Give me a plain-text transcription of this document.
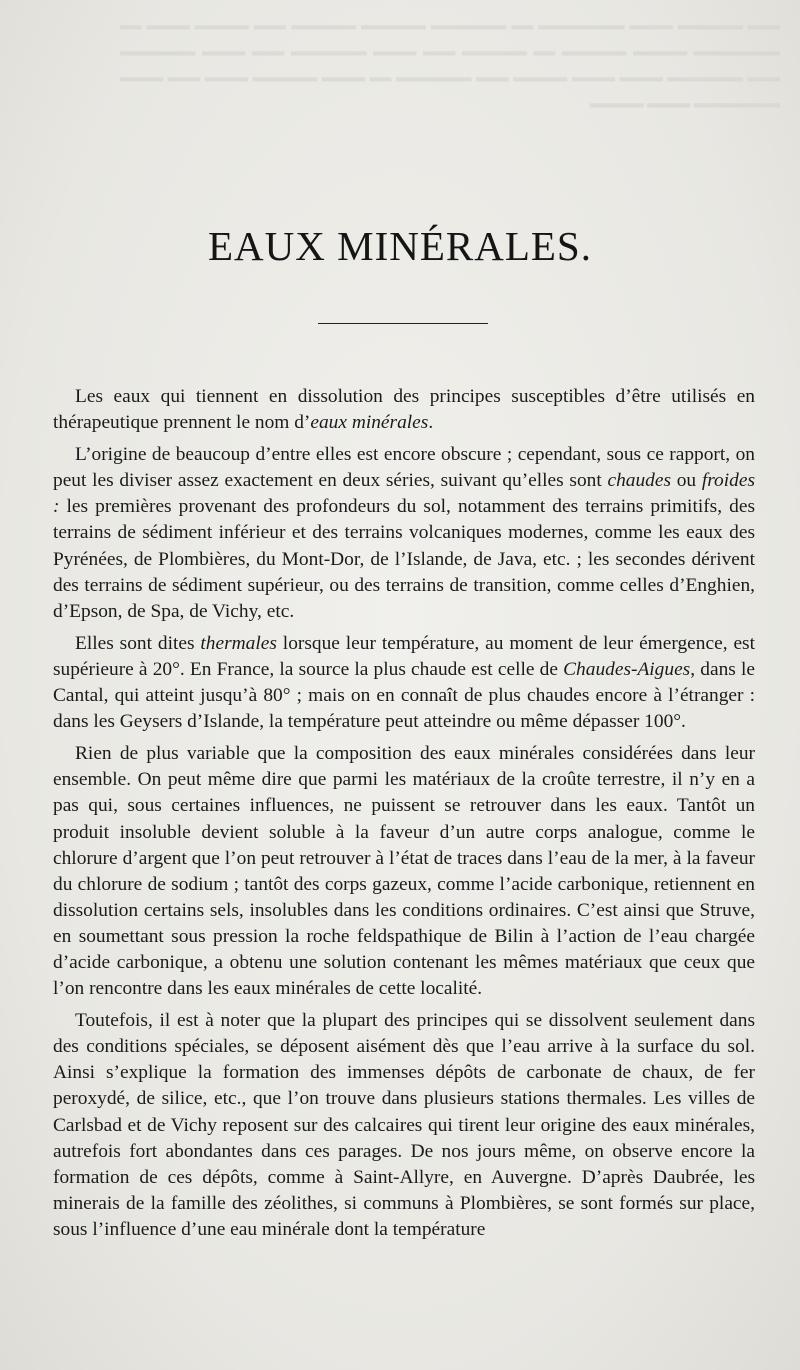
▂▂▂ ▂▂▂▂▂▂ ▂▂▂▂ ▂▂▂▂▂▂▂▂ ▂▂ ▂▂▂▂▂▂▂ ▂▂▂▂▂▂ ▂▂▂▂▂▂ ▂▂▂ ▂▂▂▂▂ ▂▂▂▂ ▂▂ ▂▂▂▂▂▂▂▂ ▂▂▂▂▂ ▂▂▂▂▂▂ ▂▂ ▂▂▂▂▂▂ ▂▂▂ ▂▂▂▂ ▂▂▂▂▂▂▂ ▂▂▂ ▂▂▂▂ ▂▂▂▂▂▂▂ ▂▂▂ ▂▂▂▂▂▂▂ ▂▂▂▂ ▂▂▂▂ ▂▂▂▂▂ ▂▂▂ ▂▂▂▂▂▂▂ ▂▂ ▂▂▂▂ ▂▂▂▂▂▂ ▂▂▂▂ ▂▂▂ ▂▂▂▂ ▂▂▂▂▂▂▂▂ ▂▂▂▂ ▂▂▂▂▂
EAUX MINÉRALES.

Les eaux qui tiennent en dissolution des principes susceptibles d’être utilisés en thérapeutique prennent le nom d’eaux minérales.

L’origine de beaucoup d’entre elles est encore obscure ; cependant, sous ce rapport, on peut les diviser assez exactement en deux séries, suivant qu’elles sont chaudes ou froides : les premières provenant des profondeurs du sol, notamment des terrains primitifs, des terrains de sédiment inférieur et des terrains volcaniques modernes, comme les eaux des Pyrénées, de Plombières, du Mont-Dor, de l’Islande, de Java, etc. ; les secondes dérivent des terrains de sédiment supérieur, ou des terrains de transition, comme celles d’Enghien, d’Epson, de Spa, de Vichy, etc.

Elles sont dites thermales lorsque leur température, au moment de leur émergence, est supérieure à 20°. En France, la source la plus chaude est celle de Chaudes-Aigues, dans le Cantal, qui atteint jusqu’à 80° ; mais on en connaît de plus chaudes encore à l’étranger : dans les Geysers d’Islande, la température peut atteindre ou même dépasser 100°.

Rien de plus variable que la composition des eaux minérales considérées dans leur ensemble. On peut même dire que parmi les matériaux de la croûte terrestre, il n’y en a pas qui, sous certaines influences, ne puissent se retrouver dans les eaux. Tantôt un produit insoluble devient soluble à la faveur d’un autre corps analogue, comme le chlorure d’argent que l’on peut retrouver à l’état de traces dans l’eau de la mer, à la faveur du chlorure de sodium ; tantôt des corps gazeux, comme l’acide carbonique, retiennent en dissolution certains sels, insolubles dans les conditions ordinaires. C’est ainsi que Struve, en soumettant sous pression la roche feldspathique de Bilin à l’action de l’eau chargée d’acide carbonique, a obtenu une solution contenant les mêmes matériaux que ceux que l’on rencontre dans les eaux minérales de cette localité.

Toutefois, il est à noter que la plupart des principes qui se dissolvent seulement dans des conditions spéciales, se déposent aisément dès que l’eau arrive à la surface du sol. Ainsi s’explique la formation des immenses dépôts de carbonate de chaux, de fer peroxydé, de silice, etc., que l’on trouve dans plusieurs stations thermales. Les villes de Carlsbad et de Vichy reposent sur des calcaires qui tirent leur origine des eaux minérales, autrefois fort abondantes dans ces parages. De nos jours même, on observe encore la formation de ces dépôts, comme à Saint-Allyre, en Auvergne. D’après Daubrée, les minerais de la famille des zéolithes, si communs à Plombières, se sont formés sur place, sous l’influence d’une eau minérale dont la température
